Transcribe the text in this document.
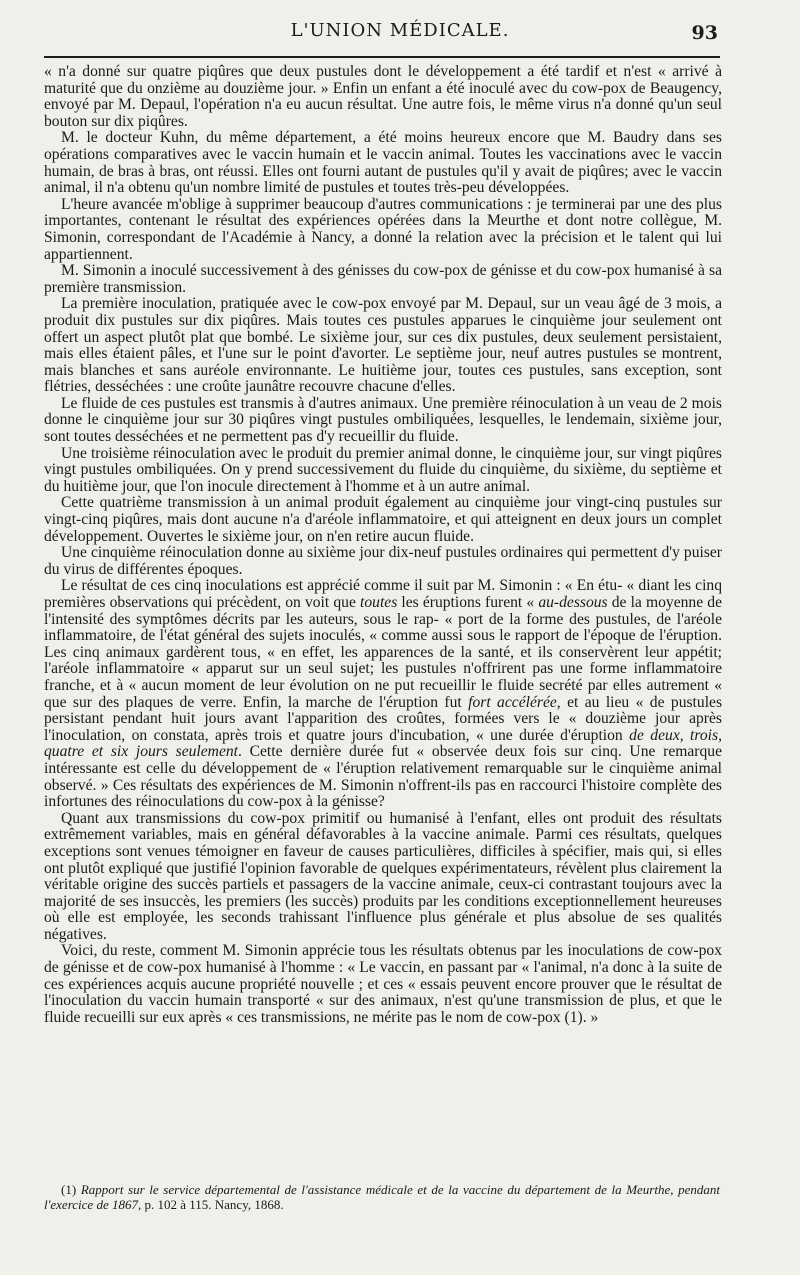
L'UNION MÉDICALE.	93

« n'a donné sur quatre piqûres que deux pustules dont le développement a été tardif et n'est « arrivé à maturité que du onzième au douzième jour. » Enfin un enfant a été inoculé avec du cow-pox de Beaugency, envoyé par M. Depaul, l'opération n'a eu aucun résultat. Une autre fois, le même virus n'a donné qu'un seul bouton sur dix piqûres.

M. le docteur Kuhn, du même département, a été moins heureux encore que M. Baudry dans ses opérations comparatives avec le vaccin humain et le vaccin animal. Toutes les vaccinations avec le vaccin humain, de bras à bras, ont réussi. Elles ont fourni autant de pustules qu'il y avait de piqûres; avec le vaccin animal, il n'a obtenu qu'un nombre limité de pustules et toutes très-peu développées.

L'heure avancée m'oblige à supprimer beaucoup d'autres communications : je terminerai par une des plus importantes, contenant le résultat des expériences opérées dans la Meurthe et dont notre collègue, M. Simonin, correspondant de l'Académie à Nancy, a donné la relation avec la précision et le talent qui lui appartiennent.

M. Simonin a inoculé successivement à des génisses du cow-pox de génisse et du cow-pox humanisé à sa première transmission.

La première inoculation, pratiquée avec le cow-pox envoyé par M. Depaul, sur un veau âgé de 3 mois, a produit dix pustules sur dix piqûres. Mais toutes ces pustules apparues le cinquième jour seulement ont offert un aspect plutôt plat que bombé. Le sixième jour, sur ces dix pustules, deux seulement persistaient, mais elles étaient pâles, et l'une sur le point d'avorter. Le septième jour, neuf autres pustules se montrent, mais blanches et sans auréole environnante. Le huitième jour, toutes ces pustules, sans exception, sont flétries, desséchées : une croûte jaunâtre recouvre chacune d'elles.

Le fluide de ces pustules est transmis à d'autres animaux. Une première réinoculation à un veau de 2 mois donne le cinquième jour sur 30 piqûres vingt pustules ombiliquées, lesquelles, le lendemain, sixième jour, sont toutes desséchées et ne permettent pas d'y recueillir du fluide.

Une troisième réinoculation avec le produit du premier animal donne, le cinquième jour, sur vingt piqûres vingt pustules ombiliquées. On y prend successivement du fluide du cinquième, du sixième, du septième et du huitième jour, que l'on inocule directement à l'homme et à un autre animal.

Cette quatrième transmission à un animal produit également au cinquième jour vingt-cinq pustules sur vingt-cinq piqûres, mais dont aucune n'a d'aréole inflammatoire, et qui atteignent en deux jours un complet développement. Ouvertes le sixième jour, on n'en retire aucun fluide.

Une cinquième réinoculation donne au sixième jour dix-neuf pustules ordinaires qui permettent d'y puiser du virus de différentes époques.

Le résultat de ces cinq inoculations est apprécié comme il suit par M. Simonin : « En étu- « diant les cinq premières observations qui précèdent, on voit que toutes les éruptions furent « au-dessous de la moyenne de l'intensité des symptômes décrits par les auteurs, sous le rap- « port de la forme des pustules, de l'aréole inflammatoire, de l'état général des sujets inoculés, « comme aussi sous le rapport de l'époque de l'éruption. Les cinq animaux gardèrent tous, « en effet, les apparences de la santé, et ils conservèrent leur appétit; l'aréole inflammatoire « apparut sur un seul sujet; les pustules n'offrirent pas une forme inflammatoire franche, et à « aucun moment de leur évolution on ne put recueillir le fluide secrété par elles autrement « que sur des plaques de verre. Enfin, la marche de l'éruption fut fort accélérée, et au lieu « de pustules persistant pendant huit jours avant l'apparition des croûtes, formées vers le « douzième jour après l'inoculation, on constata, après trois et quatre jours d'incubation, « une durée d'éruption de deux, trois, quatre et six jours seulement. Cette dernière durée fut « observée deux fois sur cinq. Une remarque intéressante est celle du développement de « l'éruption relativement remarquable sur le cinquième animal observé. » Ces résultats des expériences de M. Simonin n'offrent-ils pas en raccourci l'histoire complète des infortunes des réinoculations du cow-pox à la génisse?

Quant aux transmissions du cow-pox primitif ou humanisé à l'enfant, elles ont produit des résultats extrêmement variables, mais en général défavorables à la vaccine animale. Parmi ces résultats, quelques exceptions sont venues témoigner en faveur de causes particulières, difficiles à spécifier, mais qui, si elles ont plutôt expliqué que justifié l'opinion favorable de quelques expérimentateurs, révèlent plus clairement la véritable origine des succès partiels et passagers de la vaccine animale, ceux-ci contrastant toujours avec la majorité de ses insuccès, les premiers (les succès) produits par les conditions exceptionnellement heureuses où elle est employée, les seconds trahissant l'influence plus générale et plus absolue de ses qualités négatives.

Voici, du reste, comment M. Simonin apprécie tous les résultats obtenus par les inoculations de cow-pox de génisse et de cow-pox humanisé à l'homme : « Le vaccin, en passant par « l'animal, n'a donc à la suite de ces expériences acquis aucune propriété nouvelle ; et ces « essais peuvent encore prouver que le résultat de l'inoculation du vaccin humain transporté « sur des animaux, n'est qu'une transmission de plus, et que le fluide recueilli sur eux après « ces transmissions, ne mérite pas le nom de cow-pox (1). »

(1) Rapport sur le service départemental de l'assistance médicale et de la vaccine du département de la Meurthe, pendant l'exercice de 1867, p. 102 à 115. Nancy, 1868.
